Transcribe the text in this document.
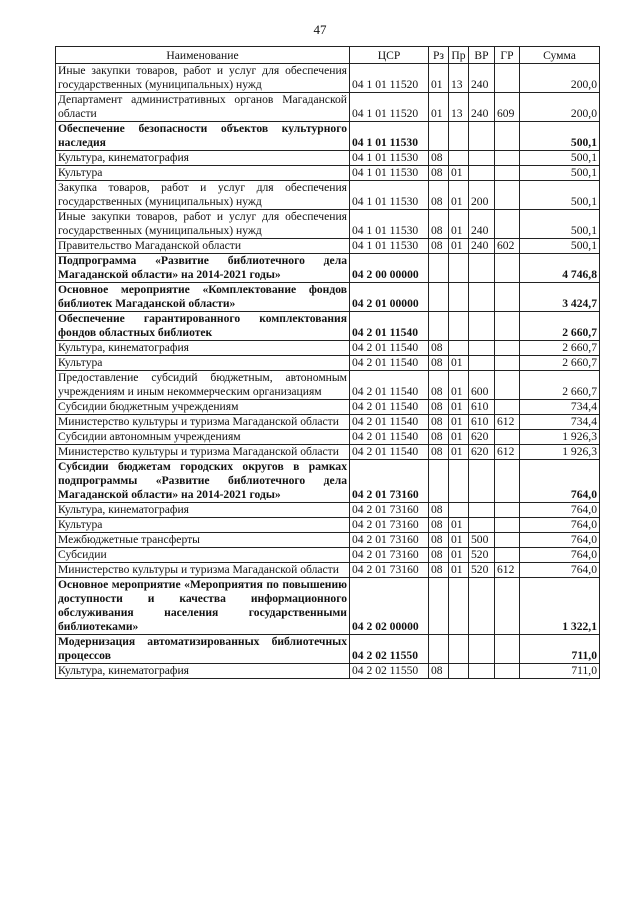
47
Наименование	ЦСР	Рз	Пр	ВР	ГР	Сумма
Иные закупки товаров, работ и услуг для обеспечения государственных (муниципальных) нужд	04 1 01 11520	01	13	240		200,0
Департамент административных органов Магаданской области	04 1 01 11520	01	13	240	609	200,0
Обеспечение безопасности объектов культурного наследия	04 1 01 11530					500,1
Культура, кинематография	04 1 01 11530	08				500,1
Культура	04 1 01 11530	08	01			500,1
Закупка товаров, работ и услуг для обеспечения государственных (муниципальных) нужд	04 1 01 11530	08	01	200		500,1
Иные закупки товаров, работ и услуг для обеспечения государственных (муниципальных) нужд	04 1 01 11530	08	01	240		500,1
Правительство Магаданской области	04 1 01 11530	08	01	240	602	500,1
Подпрограмма «Развитие библиотечного дела Магаданской области» на 2014-2021 годы»	04 2 00 00000					4 746,8
Основное мероприятие «Комплектование фондов библиотек Магаданской области»	04 2 01 00000					3 424,7
Обеспечение гарантированного комплектования фондов областных библиотек	04 2 01 11540					2 660,7
Культура, кинематография	04 2 01 11540	08				2 660,7
Культура	04 2 01 11540	08	01			2 660,7
Предоставление субсидий бюджетным, автономным учреждениям и иным некоммерческим организациям	04 2 01 11540	08	01	600		2 660,7
Субсидии бюджетным учреждениям	04 2 01 11540	08	01	610		734,4
Министерство культуры и туризма Магаданской области	04 2 01 11540	08	01	610	612	734,4
Субсидии автономным учреждениям	04 2 01 11540	08	01	620		1 926,3
Министерство культуры и туризма Магаданской области	04 2 01 11540	08	01	620	612	1 926,3
Субсидии бюджетам городских округов в рамках подпрограммы «Развитие библиотечного дела Магаданской области» на 2014-2021 годы»	04 2 01 73160					764,0
Культура, кинематография	04 2 01 73160	08				764,0
Культура	04 2 01 73160	08	01			764,0
Межбюджетные трансферты	04 2 01 73160	08	01	500		764,0
Субсидии	04 2 01 73160	08	01	520		764,0
Министерство культуры и туризма Магаданской области	04 2 01 73160	08	01	520	612	764,0
Основное мероприятие «Мероприятия по повышению доступности и качества информационного обслуживания населения государственными библиотеками»	04 2 02 00000					1 322,1
Модернизация автоматизированных библиотечных процессов	04 2 02 11550					711,0
Культура, кинематография	04 2 02 11550	08				711,0
